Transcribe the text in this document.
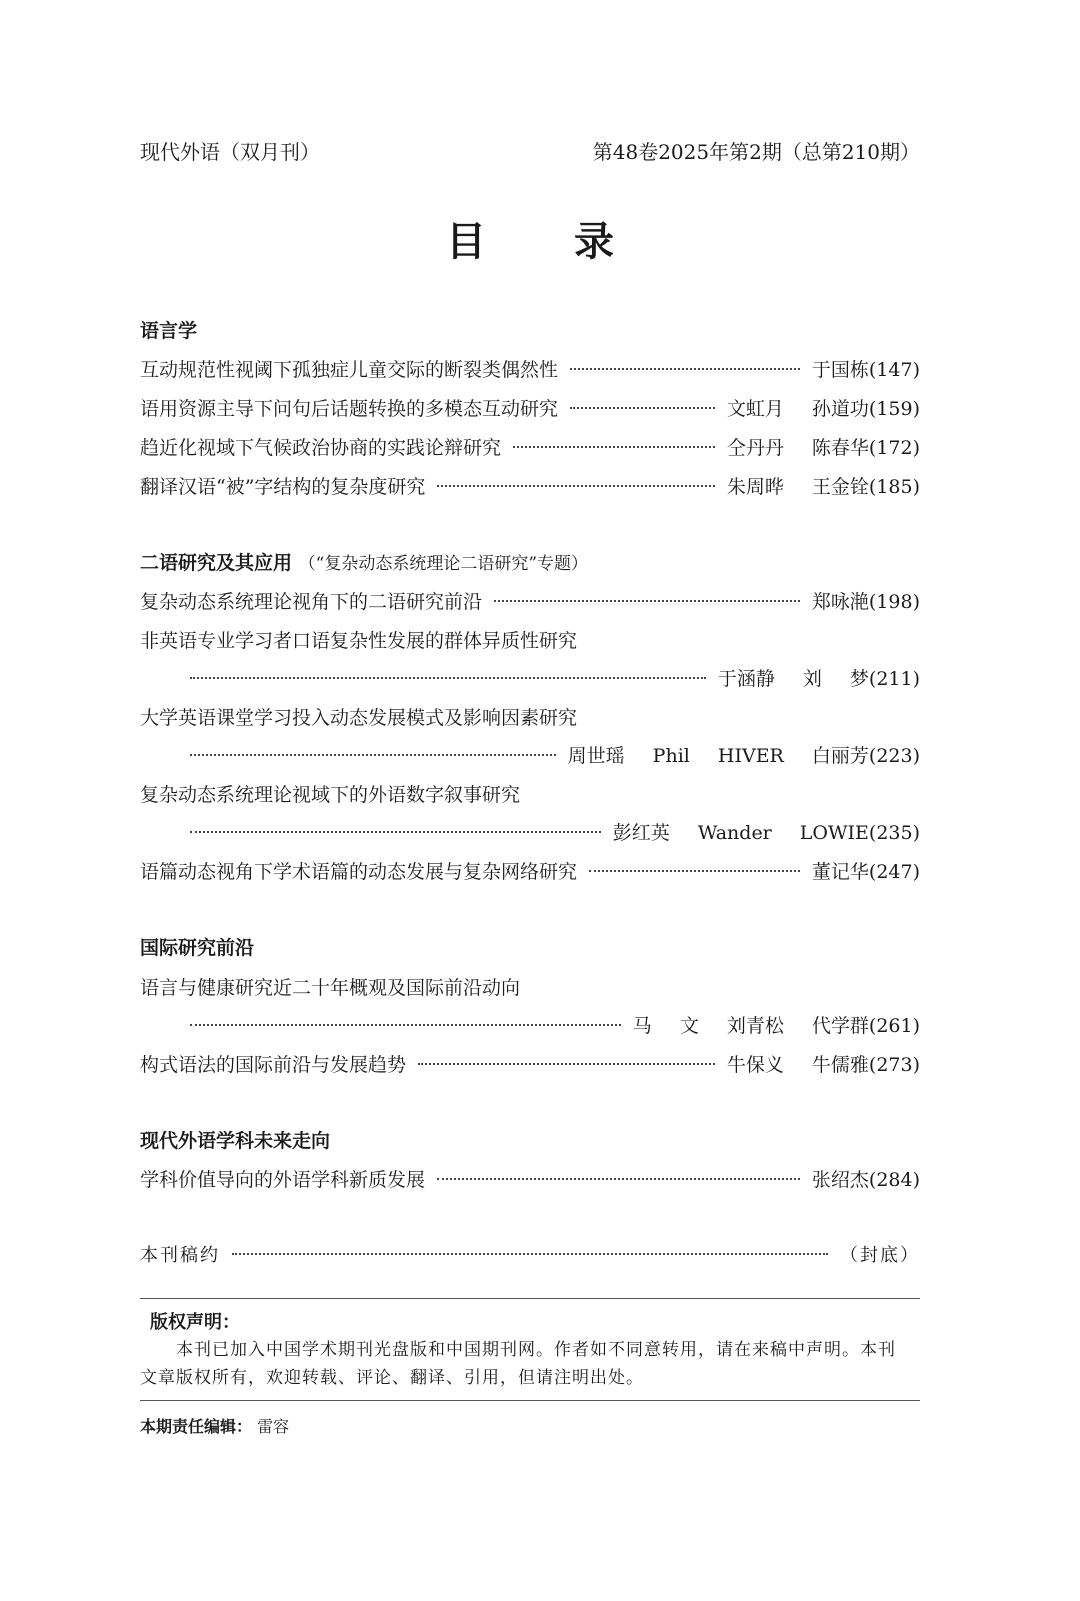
现代外语（双月刊）	第48卷2025年第2期（总第210期）
目录
语言学
互动规范性视阈下孤独症儿童交际的断裂类偶然性	于国栋 (147)
语用资源主导下问句后话题转换的多模态互动研究	文虹月 孙道功 (159)
趋近化视域下气候政治协商的实践论辩研究	仝丹丹 陈春华 (172)
翻译汉语“被”字结构的复杂度研究	朱周晔 王金铨 (185)
二语研究及其应用 （“复杂动态系统理论二语研究”专题）
复杂动态系统理论视角下的二语研究前沿	郑咏滟 (198)
非英语专业学习者口语复杂性发展的群体异质性研究
于涵静 刘 梦 (211)
大学英语课堂学习投入动态发展模式及影响因素研究
周世瑶 Phil HIVER 白丽芳 (223)
复杂动态系统理论视域下的外语数字叙事研究
彭红英 Wander LOWIE (235)
语篇动态视角下学术语篇的动态发展与复杂网络研究	董记华 (247)
国际研究前沿
语言与健康研究近二十年概观及国际前沿动向
马 文 刘青松 代学群 (261)
构式语法的国际前沿与发展趋势	牛保义 牛儒雅 (273)
现代外语学科未来走向
学科价值导向的外语学科新质发展	张绍杰 (284)
本刊稿约	（封底）
版权声明：
本刊已加入中国学术期刊光盘版和中国期刊网。作者如不同意转用，请在来稿中声明。本刊文章版权所有，欢迎转载、评论、翻译、引用，但请注明出处。
本期责任编辑： 雷容
